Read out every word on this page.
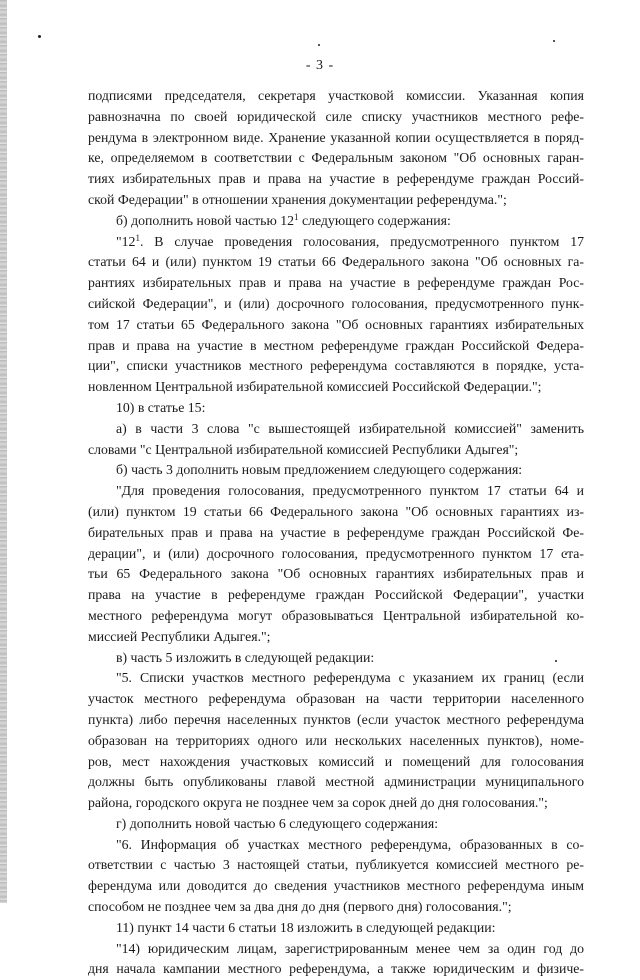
- 3 -
подписями председателя, секретаря участковой комиссии. Указанная копия
равнозначна по своей юридической силе списку участников местного рефе-
рендума в электронном виде. Хранение указанной копии осуществляется в поряд-
ке, определяемом в соответствии с Федеральным законом "Об основных гаран-
тиях избирательных прав и права на участие в референдуме граждан Россий-
ской Федерации" в отношении хранения документации референдума.";
б) дополнить новой частью $12^1$ следующего содержания:
"$12^1$. В случае проведения голосования, предусмотренного пунктом 17
статьи 64 и (или) пунктом 19 статьи 66 Федерального закона "Об основных га-
рантиях избирательных прав и права на участие в референдуме граждан Рос-
сийской Федерации", и (или) досрочного голосования, предусмотренного пунк-
том 17 статьи 65 Федерального закона "Об основных гарантиях избирательных
прав и права на участие в местном референдуме граждан Российской Федера-
ции", списки участников местного референдума составляются в порядке, уста-
новленном Центральной избирательной комиссией Российской Федерации.";
10) в статье 15:
а) в части 3 слова "с вышестоящей избирательной комиссией" заменить
словами "с Центральной избирательной комиссией Республики Адыгея";
б) часть 3 дополнить новым предложением следующего содержания:
"Для проведения голосования, предусмотренного пунктом 17 статьи 64 и
(или) пунктом 19 статьи 66 Федерального закона "Об основных гарантиях из-
бирательных прав и права на участие в референдуме граждан Российской Фе-
дерации", и (или) досрочного голосования, предусмотренного пунктом 17 ста-
тьи 65 Федерального закона "Об основных гарантиях избирательных прав и
права на участие в референдуме граждан Российской Федерации", участки
местного референдума могут образовываться Центральной избирательной ко-
миссией Республики Адыгея.";
в) часть 5 изложить в следующей редакции:
"5. Списки участков местного референдума с указанием их границ (если
участок местного референдума образован на части территории населенного
пункта) либо перечня населенных пунктов (если участок местного референдума
образован на территориях одного или нескольких населенных пунктов), номе-
ров, мест нахождения участковых комиссий и помещений для голосования
должны быть опубликованы главой местной администрации муниципального
района, городского округа не позднее чем за сорок дней до дня голосования.";
г) дополнить новой частью 6 следующего содержания:
"6. Информация об участках местного референдума, образованных в со-
ответствии с частью 3 настоящей статьи, публикуется комиссией местного ре-
ферендума или доводится до сведения участников местного референдума иным
способом не позднее чем за два дня до дня (первого дня) голосования.";
11) пункт 14 части 6 статьи 18 изложить в следующей редакции:
"14) юридическим лицам, зарегистрированным менее чем за один год до
дня начала кампании местного референдума, а также юридическим и физиче-
